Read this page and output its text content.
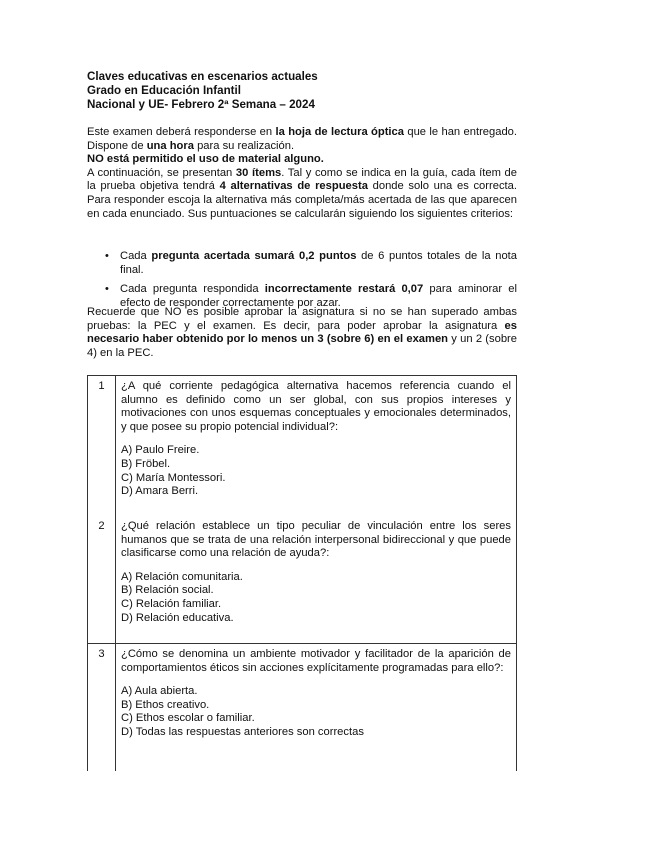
Claves educativas en escenarios actuales
Grado en Educación Infantil
Nacional y UE- Febrero 2ª Semana – 2024

Este examen deberá responderse en la hoja de lectura óptica que le han entregado. Dispone de una hora para su realización.

NO está permitido el uso de material alguno.

A continuación, se presentan 30 ítems. Tal y como se indica en la guía, cada ítem de la prueba objetiva tendrá 4 alternativas de respuesta donde solo una es correcta. Para responder escoja la alternativa más completa/más acertada de las que aparecen en cada enunciado. Sus puntuaciones se calcularán siguiendo los siguientes criterios:

• Cada pregunta acertada sumará 0,2 puntos de 6 puntos totales de la nota final.
• Cada pregunta respondida incorrectamente restará 0,07 para aminorar el efecto de responder correctamente por azar.
Recuerde que NO es posible aprobar la asignatura si no se han superado ambas pruebas: la PEC y el examen. Es decir, para poder aprobar la asignatura es necesario haber obtenido por lo menos un 3 (sobre 6) en el examen y un 2 (sobre 4) en la PEC.
1	¿A qué corriente pedagógica alternativa hacemos referencia cuando el alumno es definido como un ser global, con sus propios intereses y motivaciones con unos esquemas conceptuales y emocionales determinados, y que posee su propio potencial individual?:

A) Paulo Freire.

B) Fröbel.

C) María Montessori.

D) Amara Berri.

2	¿Qué relación establece un tipo peculiar de vinculación entre los seres humanos que se trata de una relación interpersonal bidireccional y que puede clasificarse como una relación de ayuda?:

A) Relación comunitaria.

B) Relación social.

C) Relación familiar.

D) Relación educativa.

3	¿Cómo se denomina un ambiente motivador y facilitador de la aparición de comportamientos éticos sin acciones explícitamente programadas para ello?:

A) Aula abierta.

B) Ethos creativo.

C) Ethos escolar o familiar.

D) Todas las respuestas anteriores son correctas
